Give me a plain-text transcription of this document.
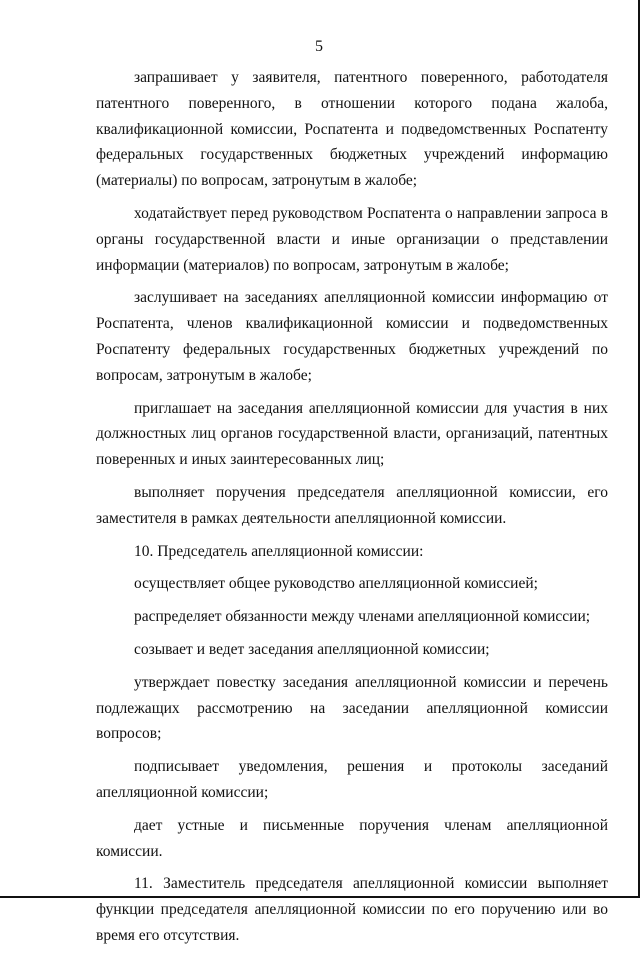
5

запрашивает у заявителя, патентного поверенного, работодателя патентного поверенного, в отношении которого подана жалоба, квалификационной комиссии, Роспатента и подведомственных Роспатенту федеральных государственных бюджетных учреждений информацию (материалы) по вопросам, затронутым в жалобе;

ходатайствует перед руководством Роспатента о направлении запроса в органы государственной власти и иные организации о представлении информации (материалов) по вопросам, затронутым в жалобе;

заслушивает на заседаниях апелляционной комиссии информацию от Роспатента, членов квалификационной комиссии и подведомственных Роспатенту федеральных государственных бюджетных учреждений по вопросам, затронутым в жалобе;

приглашает на заседания апелляционной комиссии для участия в них должностных лиц органов государственной власти, организаций, патентных поверенных и иных заинтересованных лиц;

выполняет поручения председателя апелляционной комиссии, его заместителя в рамках деятельности апелляционной комиссии.

10. Председатель апелляционной комиссии:

осуществляет общее руководство апелляционной комиссией;

распределяет обязанности между членами апелляционной комиссии;

созывает и ведет заседания апелляционной комиссии;

утверждает повестку заседания апелляционной комиссии и перечень подлежащих рассмотрению на заседании апелляционной комиссии вопросов;

подписывает уведомления, решения и протоколы заседаний апелляционной комиссии;

дает устные и письменные поручения членам апелляционной комиссии.

11. Заместитель председателя апелляционной комиссии выполняет функции председателя апелляционной комиссии по его поручению или во время его отсутствия.
